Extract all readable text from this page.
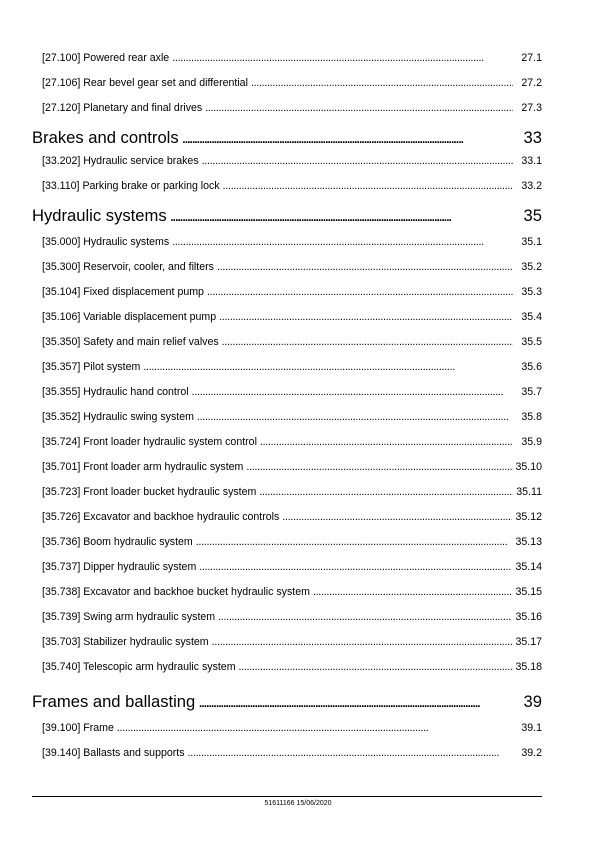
[27.100] Powered rear axle . . .	27.1
[27.106] Rear bevel gear set and differential . . .	27.2
[27.120] Planetary and final drives . . .	27.3
Brakes and controls . . .	33
[33.202] Hydraulic service brakes . . .	33.1
[33.110] Parking brake or parking lock . . .	33.2
Hydraulic systems . . .	35
[35.000] Hydraulic systems . . .	35.1
[35.300] Reservoir, cooler, and filters . . .	35.2
[35.104] Fixed displacement pump . . .	35.3
[35.106] Variable displacement pump . . .	35.4
[35.350] Safety and main relief valves . . .	35.5
[35.357] Pilot system . . .	35.6
[35.355] Hydraulic hand control . . .	35.7
[35.352] Hydraulic swing system . . .	35.8
[35.724] Front loader hydraulic system control . . .	35.9
[35.701] Front loader arm hydraulic system . . .	35.10
[35.723] Front loader bucket hydraulic system . . .	35.11
[35.726] Excavator and backhoe hydraulic controls . . .	35.12
[35.736] Boom hydraulic system . . .	35.13
[35.737] Dipper hydraulic system . . .	35.14
[35.738] Excavator and backhoe bucket hydraulic system . . .	35.15
[35.739] Swing arm hydraulic system . . .	35.16
[35.703] Stabilizer hydraulic system . . .	35.17
[35.740] Telescopic arm hydraulic system . . .	35.18
Frames and ballasting . . .	39
[39.100] Frame . . .	39.1
[39.140] Ballasts and supports . . .	39.2
51611166 15/06/2020
